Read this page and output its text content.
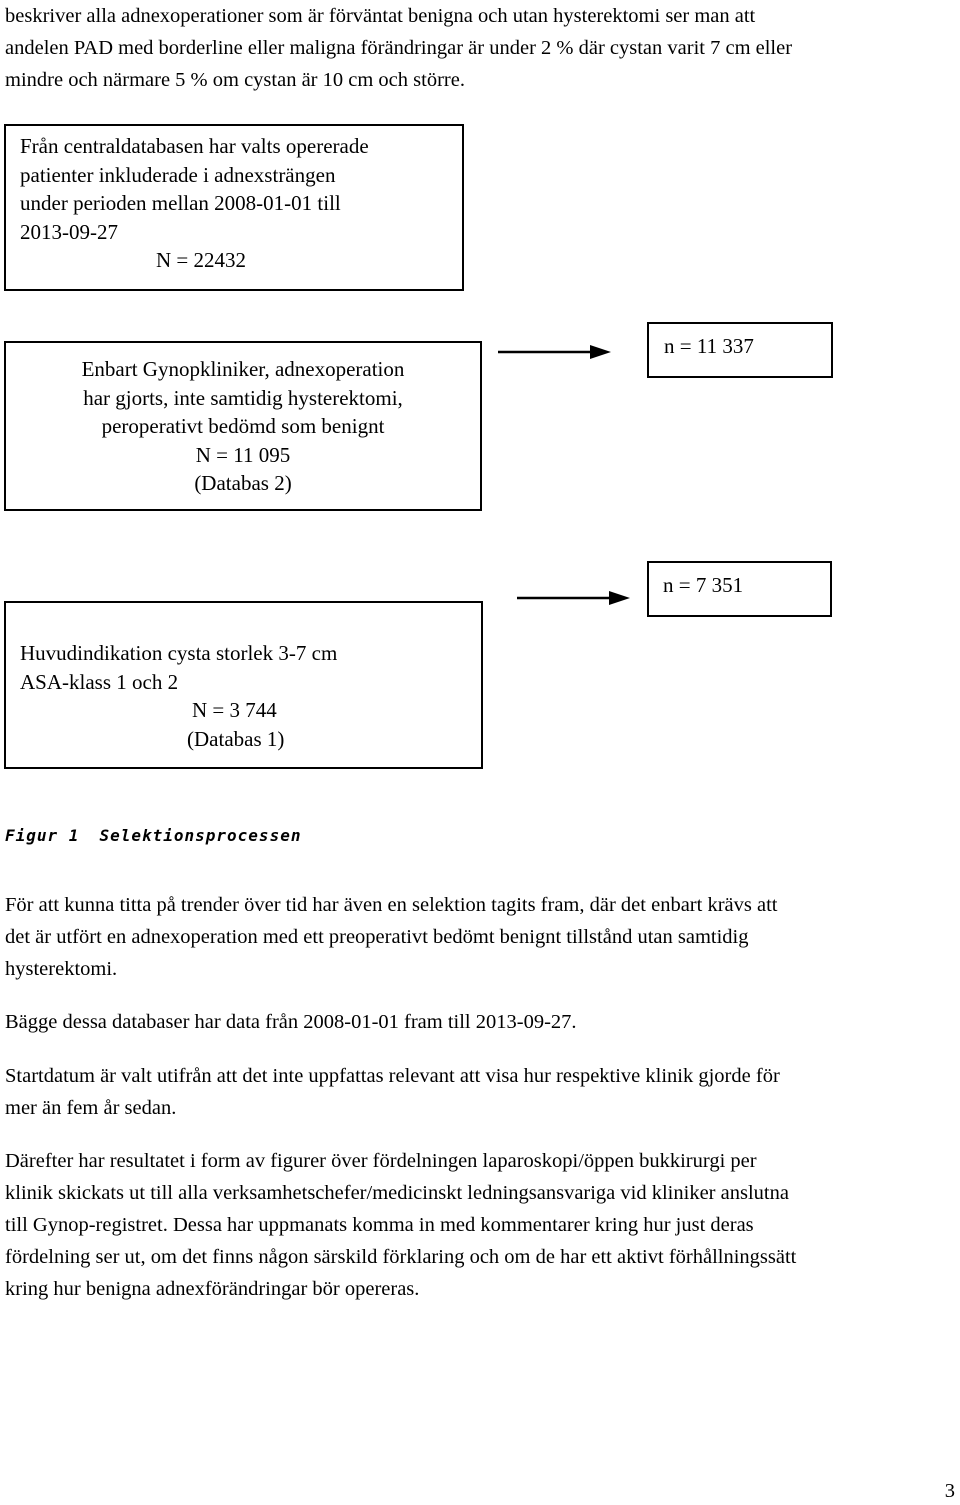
beskriver alla adnexoperationer som är förväntat benigna och utan hysterektomi ser man att
andelen PAD med borderline eller maligna förändringar är under 2 % där cystan varit 7 cm eller
mindre och närmare 5 % om cystan är 10 cm och större.
Från centraldatabasen har valts opererade
patienter inkluderade i adnexsträngen
under perioden mellan 2008-01-01 till
2013-09-27
N = 22432
Enbart Gynopkliniker, adnexoperation
har gjorts, inte samtidig hysterektomi,
peroperativt bedömd som benignt
N = 11 095
(Databas 2)
n = 11 337
n = 7 351
Huvudindikation cysta storlek 3-7 cm
ASA-klass 1 och 2
N = 3 744
(Databas 1)
Figur 1 Selektionsprocessen
För att kunna titta på trender över tid har även en selektion tagits fram, där det enbart krävs att
det är utfört en adnexoperation med ett preoperativt bedömt benignt tillstånd utan samtidig
hysterektomi.
Bägge dessa databaser har data från 2008-01-01 fram till 2013-09-27.
Startdatum är valt utifrån att det inte uppfattas relevant att visa hur respektive klinik gjorde för
mer än fem år sedan.
Därefter har resultatet i form av figurer över fördelningen laparoskopi/öppen bukkirurgi per
klinik skickats ut till alla verksamhetschefer/medicinskt ledningsansvariga vid kliniker anslutna
till Gynop-registret. Dessa har uppmanats komma in med kommentarer kring hur just deras
fördelning ser ut, om det finns någon särskild förklaring och om de har ett aktivt förhållningssätt
kring hur benigna adnexförändringar bör opereras.
3
